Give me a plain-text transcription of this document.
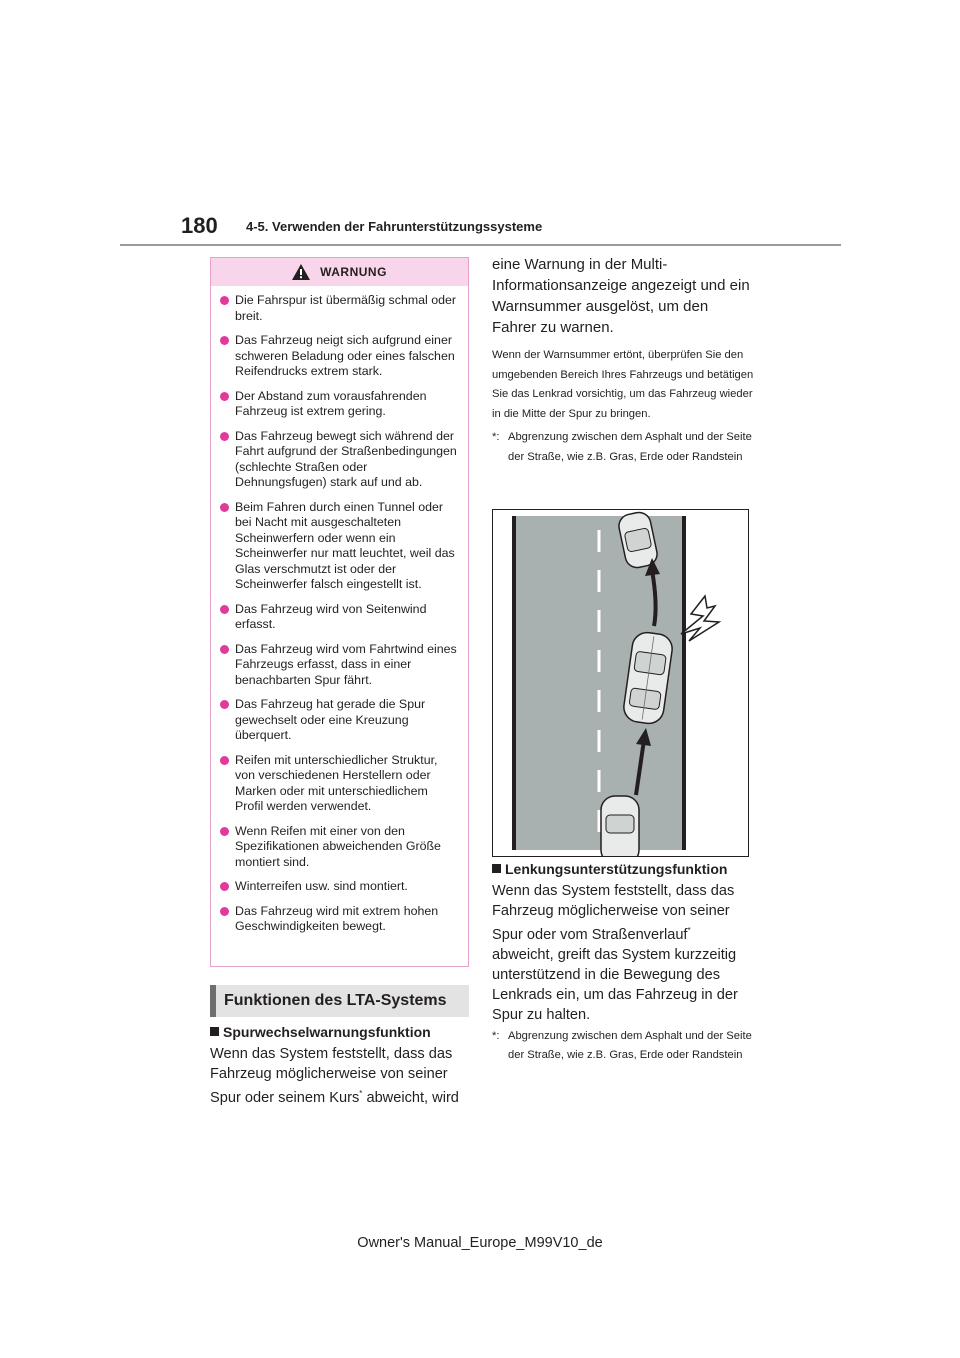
180 4-5. Verwenden der Fahrunterstützungssysteme
WARNUNG
Die Fahrspur ist übermäßig schmal oder breit.
Das Fahrzeug neigt sich aufgrund einer schweren Beladung oder eines falschen Reifendrucks extrem stark.
Der Abstand zum vorausfahrenden Fahrzeug ist extrem gering.
Das Fahrzeug bewegt sich während der Fahrt aufgrund der Straßenbedingungen (schlechte Straßen oder Dehnungsfugen) stark auf und ab.
Beim Fahren durch einen Tunnel oder bei Nacht mit ausgeschalteten Scheinwerfern oder wenn ein Scheinwerfer nur matt leuchtet, weil das Glas verschmutzt ist oder der Scheinwerfer falsch eingestellt ist.
Das Fahrzeug wird von Seitenwind erfasst.
Das Fahrzeug wird vom Fahrtwind eines Fahrzeugs erfasst, dass in einer benachbarten Spur fährt.
Das Fahrzeug hat gerade die Spur gewechselt oder eine Kreuzung überquert.
Reifen mit unterschiedlicher Struktur, von verschiedenen Herstellern oder Marken oder mit unterschiedlichem Profil werden verwendet.
Wenn Reifen mit einer von den Spezifikationen abweichenden Größe montiert sind.
Winterreifen usw. sind montiert.
Das Fahrzeug wird mit extrem hohen Geschwindigkeiten bewegt.
Funktionen des LTA-Systems
Spurwechselwarnungsfunktion
Wenn das System feststellt, dass das Fahrzeug möglicherweise von seiner Spur oder seinem Kurs* abweicht, wird
eine Warnung in der Multi-Informationsanzeige angezeigt und ein Warnsummer ausgelöst, um den Fahrer zu warnen.
Wenn der Warnsummer ertönt, überprüfen Sie den umgebenden Bereich Ihres Fahrzeugs und betätigen Sie das Lenkrad vorsichtig, um das Fahrzeug wieder in die Mitte der Spur zu bringen.
*: Abgrenzung zwischen dem Asphalt und der Seite der Straße, wie z.B. Gras, Erde oder Randstein
Lenkungsunterstützungsfunktion
Wenn das System feststellt, dass das Fahrzeug möglicherweise von seiner Spur oder vom Straßenverlauf* abweicht, greift das System kurzzeitig unterstützend in die Bewegung des Lenkrads ein, um das Fahrzeug in der Spur zu halten.
*: Abgrenzung zwischen dem Asphalt und der Seite der Straße, wie z.B. Gras, Erde oder Randstein
Owner's Manual_Europe_M99V10_de
